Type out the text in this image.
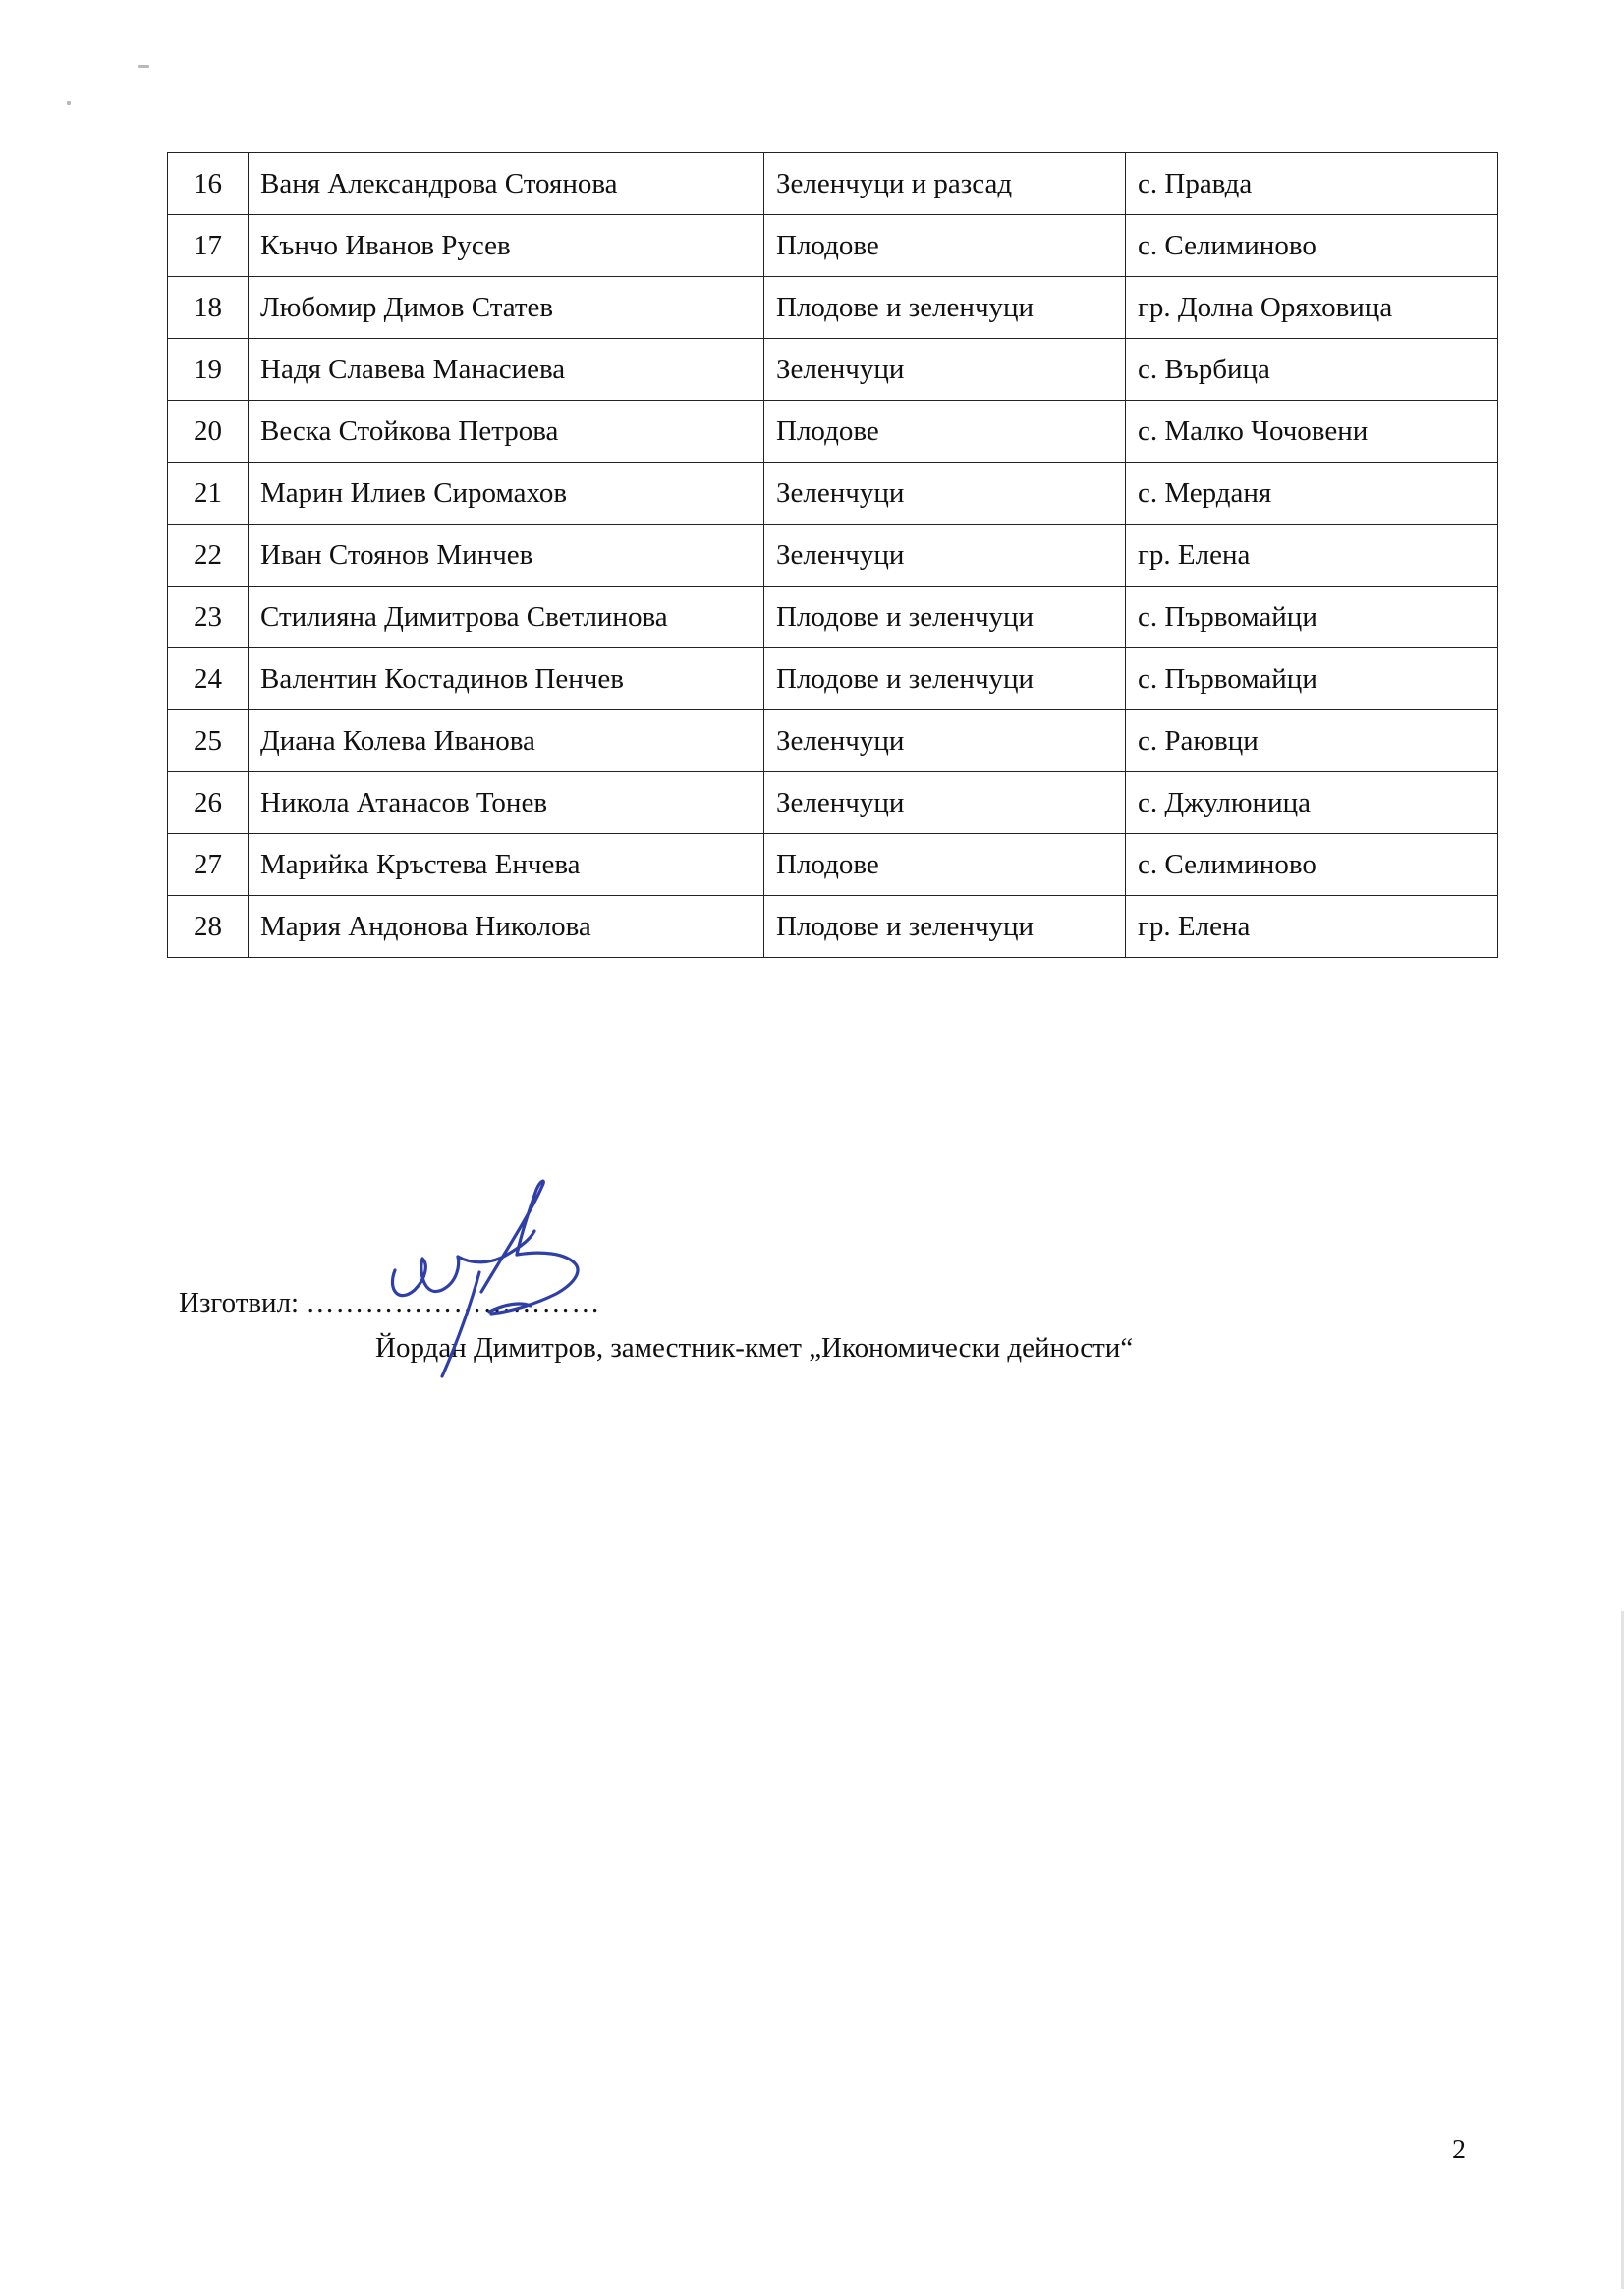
16	Ваня Александрова Стоянова	Зеленчуци и разсад	с. Правда
17	Кънчо Иванов Русев	Плодове	с. Селиминово
18	Любомир Димов Статев	Плодове и зеленчуци	гр. Долна Оряховица
19	Надя Славева Манасиева	Зеленчуци	с. Върбица
20	Веска Стойкова Петрова	Плодове	с. Малко Чочовени
21	Марин Илиев Сиромахов	Зеленчуци	с. Мердaня
22	Иван Стоянов Минчев	Зеленчуци	гр. Елена
23	Стилияна Димитрова Светлинова	Плодове и зеленчуци	с. Първомайци
24	Валентин Костадинов Пенчев	Плодове и зеленчуци	с. Първомайци
25	Диана Колева Иванова	Зеленчуци	с. Раювци
26	Никола Атанасов Тонев	Зеленчуци	с. Джулюница
27	Марийка Кръстева Енчева	Плодове	с. Селиминово
28	Мария Андонова Николова	Плодове и зеленчуци	гр. Елена
Изготвил: …………………………
Йордан Димитров, заместник-кмет „Икономически дейности“
2
